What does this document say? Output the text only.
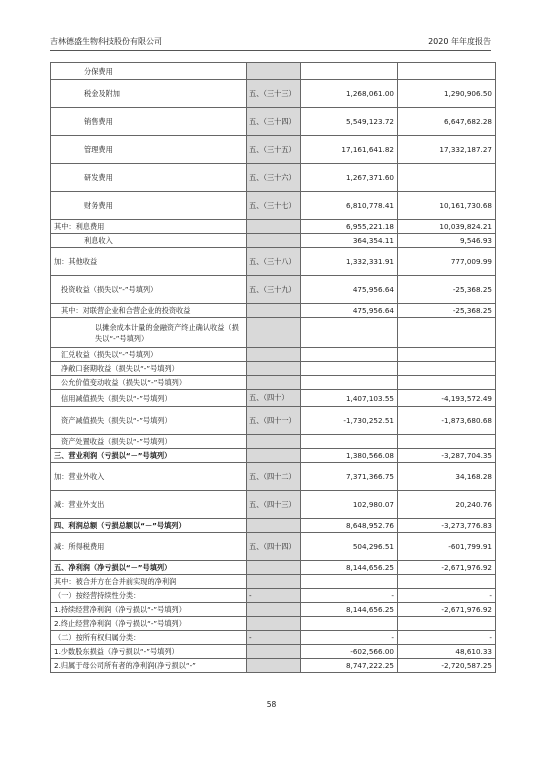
吉林德盛生物科技股份有限公司	2020 年年度报告
分保费用			
税金及附加	五、（三十三）	1,268,061.00	1,290,906.50
销售费用	五、（三十四）	5,549,123.72	6,647,682.28
管理费用	五、（三十五）	17,161,641.82	17,332,187.27
研发费用	五、（三十六）	1,267,371.60	
财务费用	五、（三十七）	6,810,778.41	10,161,730.68
其中：利息费用		6,955,221.18	10,039,824.21
利息收入		364,354.11	9,546.93
加：其他收益	五、（三十八）	1,332,331.91	777,009.99
投资收益（损失以“-”号填列）	五、（三十九）	475,956.64	-25,368.25
其中：对联营企业和合营企业的投资收益		475,956.64	-25,368.25
以摊余成本计量的金融资产终止确认收益（损失以“-”号填列）			
汇兑收益（损失以“-”号填列）			
净敞口套期收益（损失以“-”号填列）			
公允价值变动收益（损失以“-”号填列）			
信用减值损失（损失以“-”号填列）	五、（四十）	1,407,103.55	-4,193,572.49
资产减值损失（损失以“-”号填列）	五、（四十一）	-1,730,252.51	-1,873,680.68
资产处置收益（损失以“-”号填列）			
三、营业利润（亏损以“－”号填列）		1,380,566.08	-3,287,704.35
加：营业外收入	五、（四十二）	7,371,366.75	34,168.28
减：营业外支出	五、（四十三）	102,980.07	20,240.76
四、利润总额（亏损总额以“－”号填列）		8,648,952.76	-3,273,776.83
减：所得税费用	五、（四十四）	504,296.51	-601,799.91
五、净利润（净亏损以“－”号填列）		8,144,656.25	-2,671,976.92
其中：被合并方在合并前实现的净利润			
（一）按经营持续性分类：	-	-	-
1.持续经营净利润（净亏损以“-”号填列）		8,144,656.25	-2,671,976.92
2.终止经营净利润（净亏损以“-”号填列）			
（二）按所有权归属分类：	-	-	-
1.少数股东损益（净亏损以“-”号填列）		-602,566.00	48,610.33
2.归属于母公司所有者的净利润(净亏损以“-”		8,747,222.25	-2,720,587.25
58
